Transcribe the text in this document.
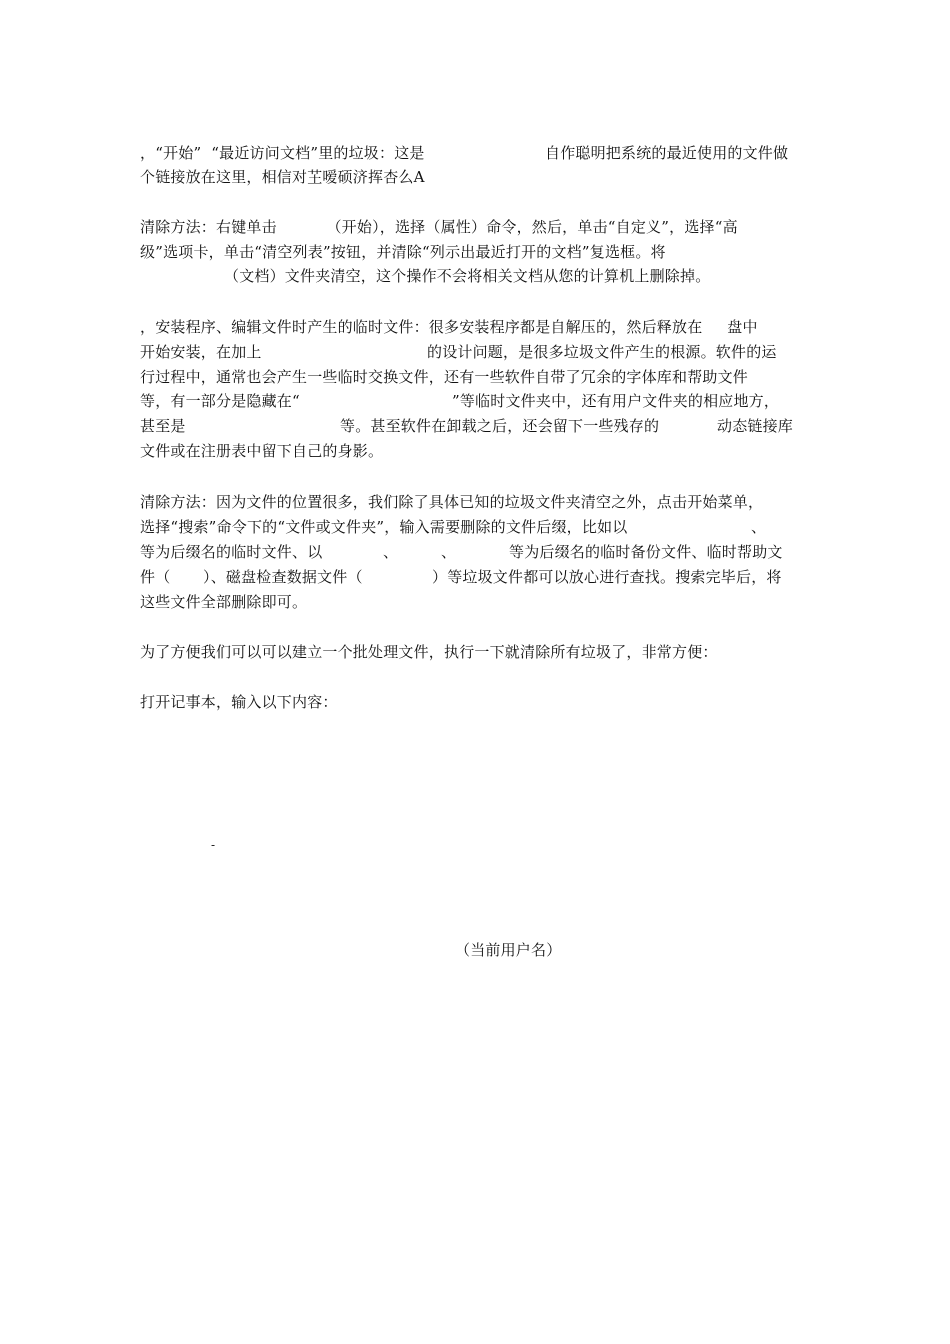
，“开始”  “最近访问文档”里的垃圾：这是	自作聪明把系统的最近使用的文件做
个链接放在这里，相信对芏嗳硕济挥杏么A
清除方法：右键单击          （开始），选择（属性）命令，然后，单击“自定义”，选择“高
级”选项卡，单击“清空列表”按钮，并清除“列示出最近打开的文档”复选框。将
（文档）文件夹清空，这个操作不会将相关文档从您的计算机上删除掉。
，安装程序、编辑文件时产生的临时文件：很多安装程序都是自解压的，然后释放在     盘中
开始安装，在加上	的设计问题，是很多垃圾文件产生的根源。软件的运
行过程中，通常也会产生一些临时交换文件，还有一些软件自带了冗余的字体库和帮助文件
等，有一部分是隐藏在“	”等临时文件夹中，还有用户文件夹的相应地方，
甚至是	等。甚至软件在卸载之后，还会留下一些残存的	动态链接库
文件或在注册表中留下自己的身影。
清除方法：因为文件的位置很多，我们除了具体已知的垃圾文件夹清空之外，点击开始菜单，
选择“搜索”命令下的“文件或文件夹”，输入需要删除的文件后缀，比如以	、
等为后缀名的临时文件、以	、	、	等为后缀名的临时备份文件、临时帮助文
件（ ）、磁盘检查数据文件（	）等垃圾文件都可以放心进行查找。搜索完毕后，将
这些文件全部删除即可。
为了方便我们可以可以建立一个批处理文件，执行一下就清除所有垃圾了，非常方便：
打开记事本，输入以下内容：
-
（当前用户名）
